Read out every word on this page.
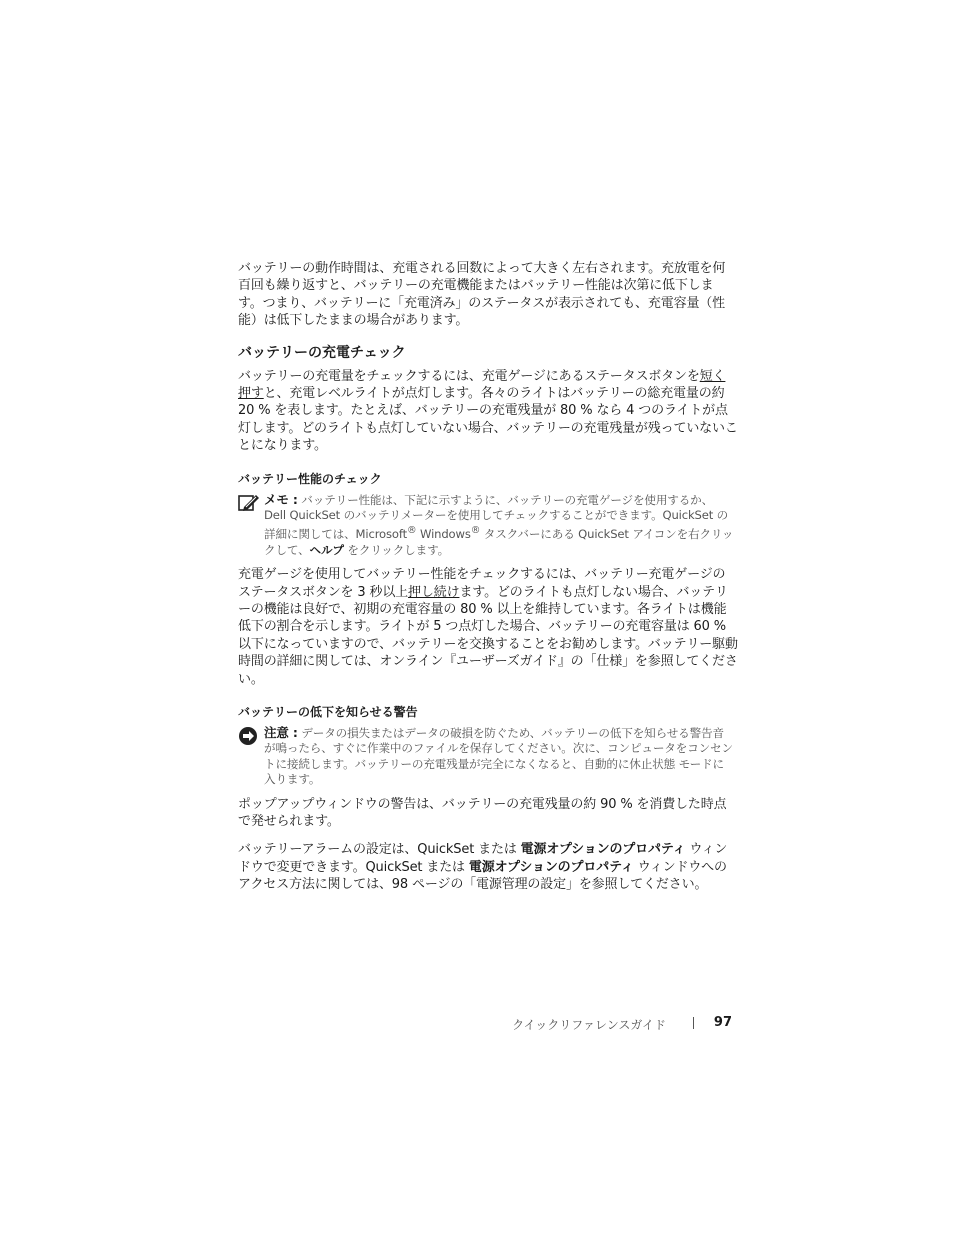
バッテリーの動作時間は、充電される回数によって大きく左右されます。充放電を何百回も繰り返すと、バッテリーの充電機能またはバッテリー性能は次第に低下します。つまり、バッテリーに「充電済み」のステータスが表示されても、充電容量（性能）は低下したままの場合があります。

バッテリーの充電チェック

バッテリーの充電量をチェックするには、充電ゲージにあるステータスボタンを短く押すと、充電レベルライトが点灯します。各々のライトはバッテリーの総充電量の約 20 % を表します。たとえば、バッテリーの充電残量が 80 % なら 4 つのライトが点灯します。どのライトも点灯していない場合、バッテリーの充電残量が残っていないことになります。

バッテリー性能のチェック
メモ : バッテリー性能は、下記に示すように、バッテリーの充電ゲージを使用するか、Dell QuickSet のバッテリメーターを使用してチェックすることができます。QuickSet の詳細に関しては、Microsoft® Windows® タスクバーにある QuickSet アイコンを右クリックして、ヘルプ をクリックします。

充電ゲージを使用してバッテリー性能をチェックするには、バッテリー充電ゲージのステータスボタンを 3 秒以上押し続けます。どのライトも点灯しない場合、バッテリーの機能は良好で、初期の充電容量の 80 % 以上を維持しています。各ライトは機能低下の割合を示します。ライトが 5 つ点灯した場合、バッテリーの充電容量は 60 % 以下になっていますので、バッテリーを交換することをお勧めします。バッテリー駆動時間の詳細に関しては、オンライン『ユーザーズガイド』の「仕様」を参照してください。

バッテリーの低下を知らせる警告
注意 : データの損失またはデータの破損を防ぐため、バッテリーの低下を知らせる警告音が鳴ったら、すぐに作業中のファイルを保存してください。次に、コンピュータをコンセントに接続します。バッテリーの充電残量が完全になくなると、自動的に休止状態 モードに入ります。

ポップアップウィンドウの警告は、バッテリーの充電残量の約 90 % を消費した時点で発せられます。

バッテリーアラームの設定は、QuickSet または 電源オプションのプロパティ ウィンドウで変更できます。QuickSet または 電源オプションのプロパティ ウィンドウへのアクセス方法に関しては、98 ページの「電源管理の設定」を参照してください。

クイックリファレンスガイド	97
